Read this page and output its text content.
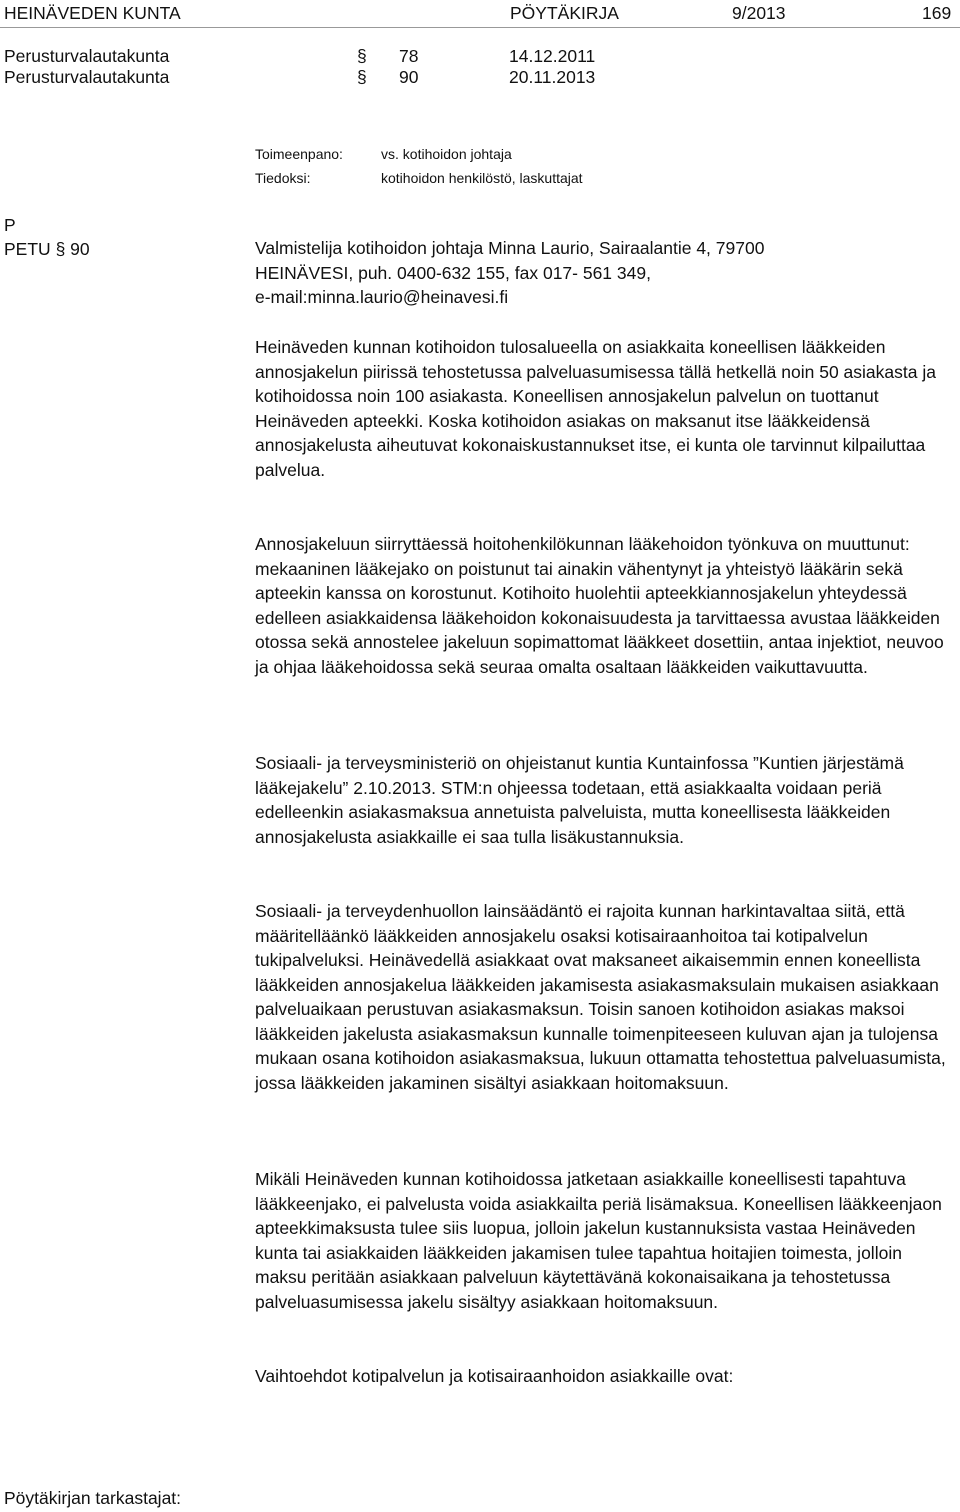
HEINÄVEDEN KUNTA	PÖYTÄKIRJA	9/2013	169
Perusturvalautakunta	§ 78	14.12.2011
Perusturvalautakunta	§ 90	20.11.2013
Toimeenpano:	vs. kotihoidon johtaja
Tiedoksi:	kotihoidon henkilöstö, laskuttajat
P
PETU § 90	Valmistelija kotihoidon johtaja Minna Laurio, Sairaalantie 4, 79700
HEINÄVESI, puh. 0400-632 155, fax 017- 561 349,
e-mail:minna.laurio@heinavesi.fi
Heinäveden kunnan kotihoidon tulosalueella on asiakkaita koneellisen lääkkeiden annosjakelun piirissä tehostetussa palveluasumisessa tällä hetkellä noin 50 asiakasta ja kotihoidossa noin 100 asiakasta. Koneellisen annosjakelun palvelun on tuottanut Heinäveden apteekki. Koska kotihoidon asiakas on maksanut itse lääkkeidensä annosjakelusta aiheutuvat kokonaiskustannukset itse, ei kunta ole tarvinnut kilpailuttaa palvelua.
Annosjakeluun siirryttäessä hoitohenkilökunnan lääkehoidon työnkuva on muuttunut: mekaaninen lääkejako on poistunut tai ainakin vähentynyt ja yhteistyö lääkärin sekä apteekin kanssa on korostunut. Kotihoito huolehtii apteekkiannosjakelun yhteydessä edelleen asiakkaidensa lääkehoidon kokonaisuudesta ja tarvittaessa avustaa lääkkeiden otossa sekä annostelee jakeluun sopimattomat lääkkeet dosettiin, antaa injektiot, neuvoo ja ohjaa lääkehoidossa sekä seuraa omalta osaltaan lääkkeiden vaikuttavuutta.
Sosiaali- ja terveysministeriö on ohjeistanut kuntia Kuntainfossa ”Kuntien järjestämä lääkejakelu” 2.10.2013. STM:n ohjeessa todetaan, että asiakkaalta voidaan periä edelleenkin asiakasmaksua annetuista palveluista, mutta koneellisesta lääkkeiden annosjakelusta asiakkaille ei saa tulla lisäkustannuksia.
Sosiaali- ja terveydenhuollon lainsäädäntö ei rajoita kunnan harkintavaltaa siitä, että määritelläänkö lääkkeiden annosjakelu osaksi kotisairaanhoitoa tai kotipalvelun tukipalveluksi. Heinävedellä asiakkaat ovat maksaneet aikaisemmin ennen koneellista lääkkeiden annosjakelua lääkkeiden jakamisesta asiakasmaksulain mukaisen asiakkaan palveluaikaan perustuvan asiakasmaksun. Toisin sanoen kotihoidon asiakas maksoi lääkkeiden jakelusta asiakasmaksun kunnalle toimenpiteeseen kuluvan ajan ja tulojensa mukaan osana kotihoidon asiakasmaksua, lukuun ottamatta tehostettua palveluasumista, jossa lääkkeiden jakaminen sisältyi asiakkaan hoitomaksuun.
Mikäli Heinäveden kunnan kotihoidossa jatketaan asiakkaille koneellisesti tapahtuva lääkkeenjako, ei palvelusta voida asiakkailta periä lisämaksua. Koneellisen lääkkeenjaon apteekkimaksusta tulee siis luopua, jolloin jakelun kustannuksista vastaa Heinäveden kunta tai asiakkaiden lääkkeiden jakamisen tulee tapahtua hoitajien toimesta, jolloin maksu peritään asiakkaan palveluun käytettävänä kokonaisaikana ja tehostetussa palveluasumisessa jakelu sisältyy asiakkaan hoitomaksuun.
Vaihtoehdot kotipalvelun ja kotisairaanhoidon asiakkaille ovat:
Pöytäkirjan tarkastajat:
